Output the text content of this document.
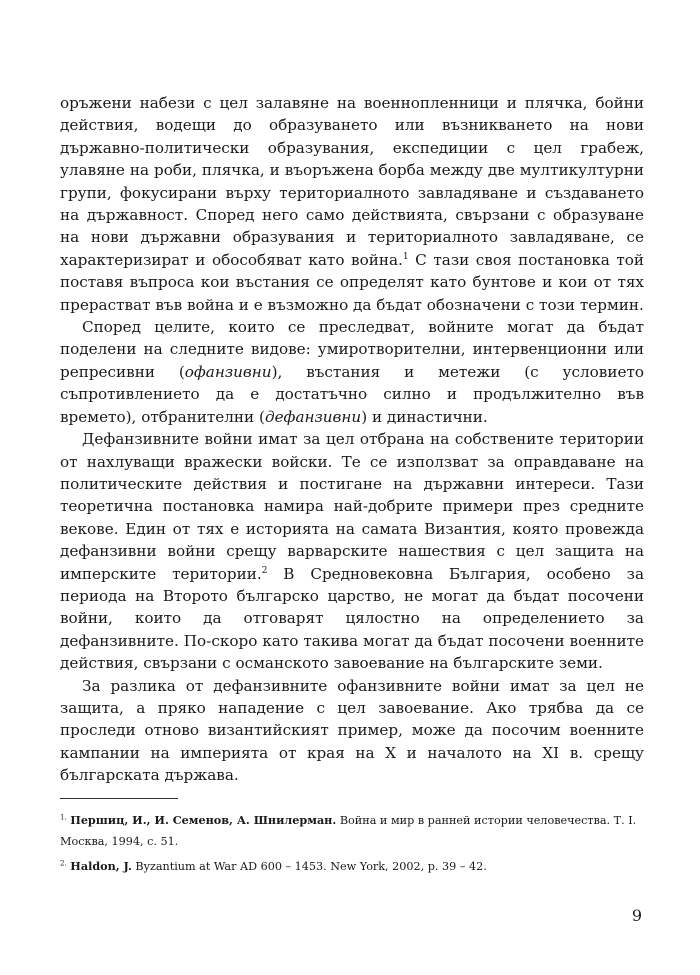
оръжени набези с цел залавяне на военнопленници и плячка, бойни действия, водещи до образуването или възникването на нови държавно-политически образувания, експедиции с цел грабеж, улавяне на роби, плячка, и въоръжена борба между две мултикултурни групи, фокусирани върху териториалното завладяване и създаването на държавност. Според него само действията, свързани с образуване на нови държавни образувания и териториалното завладяване, се характеризират и обособяват като война.$^1$ С тази своя постановка той поставя въпроса кои въстания се определят като бунтове и кои от тях прерастват във война и е възможно да бъдат обозначени с този термин.

Според целите, които се преследват, войните могат да бъдат поделени на следните видове: умиротворителни, интервенционни или репресивни (офанзивни), въстания и метежи (с условието съпротивлението да е достатъчно силно и продължително във времето), отбранителни (дефанзивни) и династични.

Дефанзивните войни имат за цел отбрана на собствените територии от нахлуващи вражески войски. Те се използват за оправдаване на политическите действия и постигане на държавни интереси. Тази теоретична постановка намира най-добрите примери през средните векове. Един от тях е историята на самата Византия, която провежда дефанзивни войни срещу варварските нашествия с цел защита на имперските територии.$^2$ В Средновековна България, особено за периода на Второто българско царство, не могат да бъдат посочени войни, които да отговарят цялостно на определението за дефанзивните. По-скоро като такива могат да бъдат посочени военните действия, свързани с османското завоевание на българските земи.

За разлика от дефанзивните офанзивните войни имат за цел не защита, а пряко нападение с цел завоевание. Ако трябва да се проследи отново византийският пример, може да посочим военните кампании на империята от края на X и началото на XI в. срещу българската държава.

$^{1.}$ Першиц, И., И. Семенов, А. Шнилерман. Война и мир в ранней истории человечества. Т. I. Москва, 1994, с. 51.

$^{2.}$ Haldon, J. Byzantium at War AD 600 – 1453. New York, 2002, p. 39 – 42.

9
